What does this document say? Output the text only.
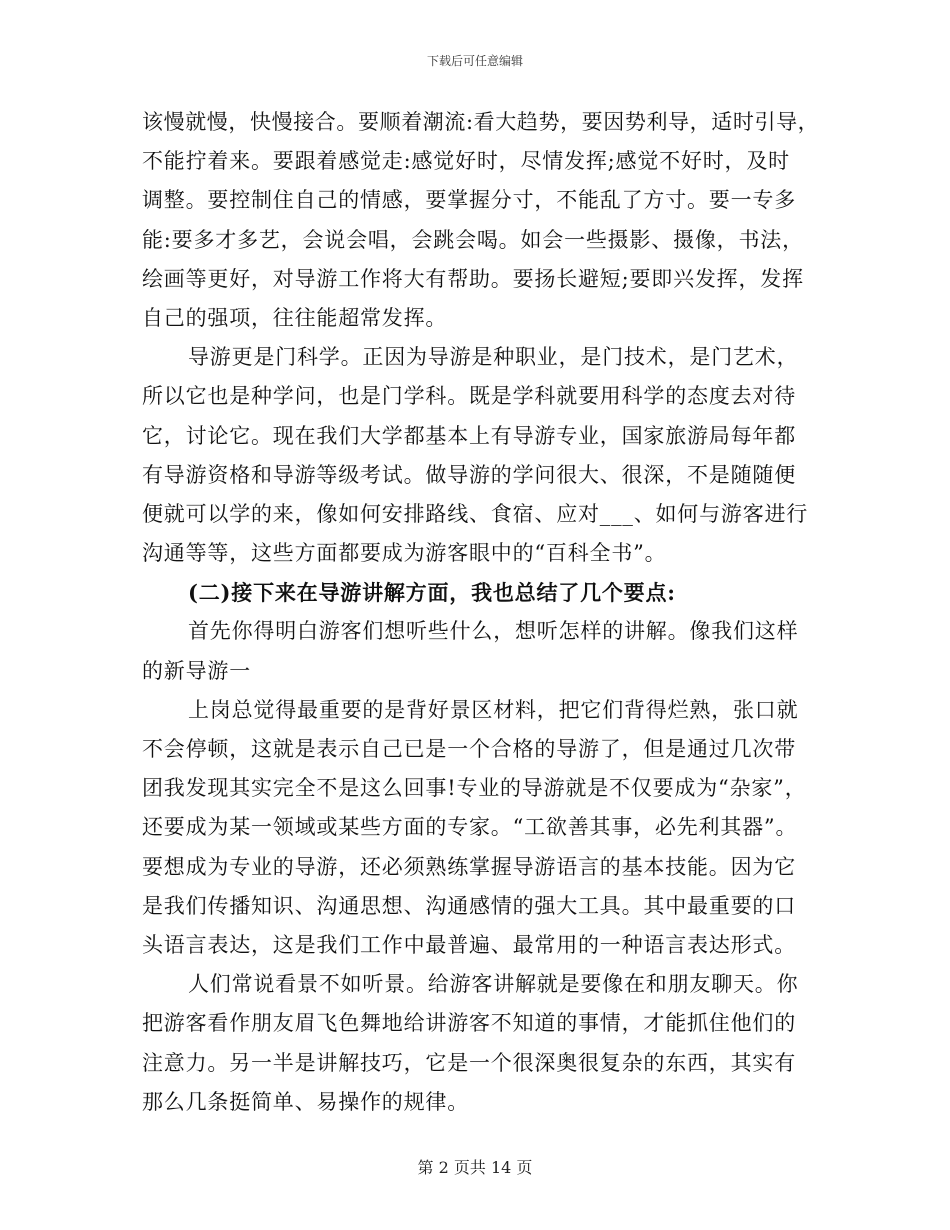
下载后可任意编辑
该慢就慢，快慢接合。要顺着潮流:看大趋势，要因势利导，适时引导，
不能拧着来。要跟着感觉走:感觉好时，尽情发挥;感觉不好时，及时
调整。要控制住自己的情感，要掌握分寸，不能乱了方寸。要一专多
能:要多才多艺，会说会唱，会跳会喝。如会一些摄影、摄像，书法，
绘画等更好，对导游工作将大有帮助。要扬长避短;要即兴发挥，发挥
自己的强项，往往能超常发挥。
导游更是门科学。正因为导游是种职业，是门技术，是门艺术，
所以它也是种学问，也是门学科。既是学科就要用科学的态度去对待
它，讨论它。现在我们大学都基本上有导游专业，国家旅游局每年都
有导游资格和导游等级考试。做导游的学问很大、很深，不是随随便
便就可以学的来，像如何安排路线、食宿、应对___、如何与游客进行
沟通等等，这些方面都要成为游客眼中的“百科全书”。
(二)接下来在导游讲解方面，我也总结了几个要点:
首先你得明白游客们想听些什么，想听怎样的讲解。像我们这样
的新导游一
上岗总觉得最重要的是背好景区材料，把它们背得烂熟，张口就
不会停顿，这就是表示自己已是一个合格的导游了，但是通过几次带
团我发现其实完全不是这么回事!专业的导游就是不仅要成为“杂家”，
还要成为某一领域或某些方面的专家。“工欲善其事，必先利其器”。
要想成为专业的导游，还必须熟练掌握导游语言的基本技能。因为它
是我们传播知识、沟通思想、沟通感情的强大工具。其中最重要的口
头语言表达，这是我们工作中最普遍、最常用的一种语言表达形式。
人们常说看景不如听景。给游客讲解就是要像在和朋友聊天。你
把游客看作朋友眉飞色舞地给讲游客不知道的事情，才能抓住他们的
注意力。另一半是讲解技巧，它是一个很深奥很复杂的东西，其实有
那么几条挺简单、易操作的规律。
第 2 页共 14 页
